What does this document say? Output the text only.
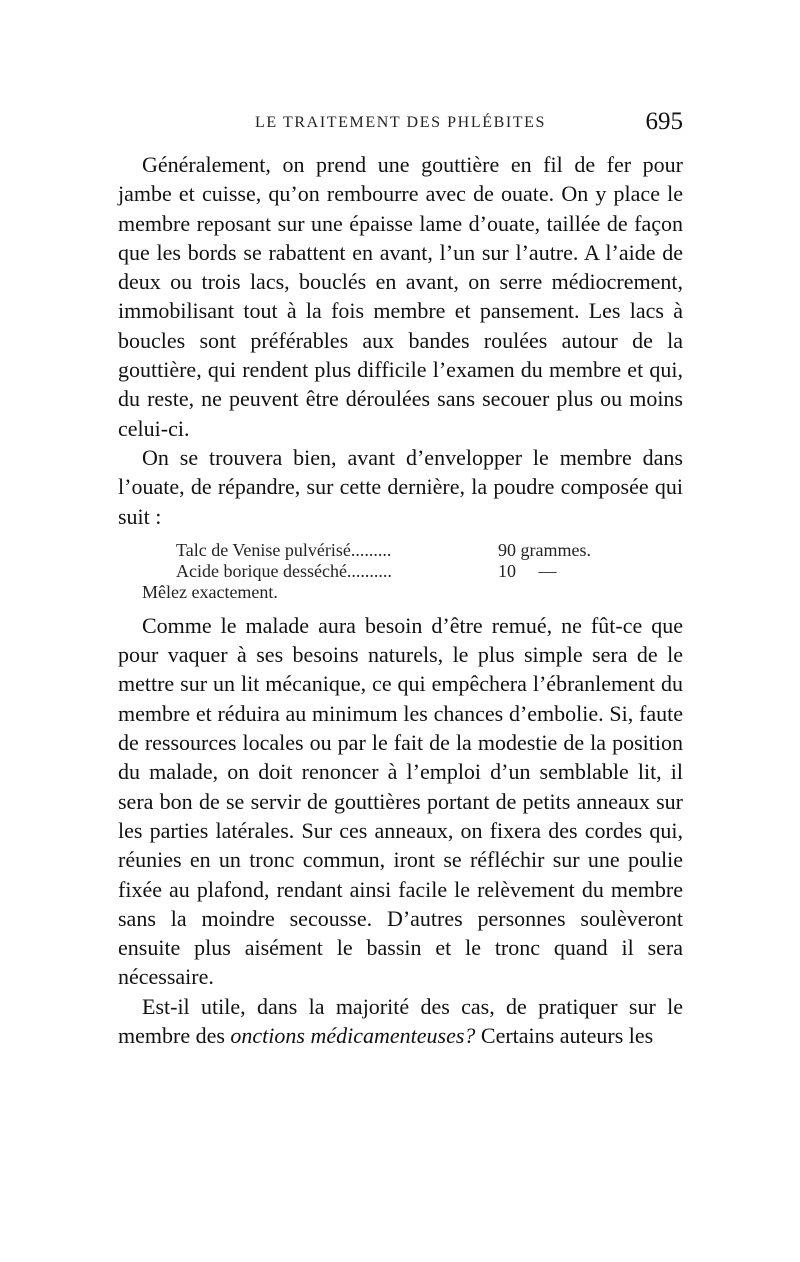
LE TRAITEMENT DES PHLÉBITES	695

Généralement, on prend une gouttière en fil de fer pour jambe et cuisse, qu’on rembourre avec de ouate. On y place le membre reposant sur une épaisse lame d’ouate, taillée de façon que les bords se rabattent en avant, l’un sur l’autre. A l’aide de deux ou trois lacs, bouclés en avant, on serre médiocrement, immobilisant tout à la fois membre et pansement. Les lacs à boucles sont préférables aux bandes roulées autour de la gouttière, qui rendent plus difficile l’examen du membre et qui, du reste, ne peuvent être déroulées sans secouer plus ou moins celui-ci.

On se trouvera bien, avant d’envelopper le membre dans l’ouate, de répandre, sur cette dernière, la poudre composée qui suit :

Talc de Venise pulvérisé.........	90 grammes.
Acide borique desséché..........	10     —
Mêlez exactement.

Comme le malade aura besoin d’être remué, ne fût-ce que pour vaquer à ses besoins naturels, le plus simple sera de le mettre sur un lit mécanique, ce qui empêchera l’ébranlement du membre et réduira au minimum les chances d’embolie. Si, faute de ressources locales ou par le fait de la modestie de la position du malade, on doit renoncer à l’emploi d’un semblable lit, il sera bon de se servir de gouttières portant de petits anneaux sur les parties latérales. Sur ces anneaux, on fixera des cordes qui, réunies en un tronc commun, iront se réfléchir sur une poulie fixée au plafond, rendant ainsi facile le relèvement du membre sans la moindre secousse. D’autres personnes soulèveront ensuite plus aisément le bassin et le tronc quand il sera nécessaire.

Est-il utile, dans la majorité des cas, de pratiquer sur le membre des onctions médicamenteuses? Certains auteurs les
